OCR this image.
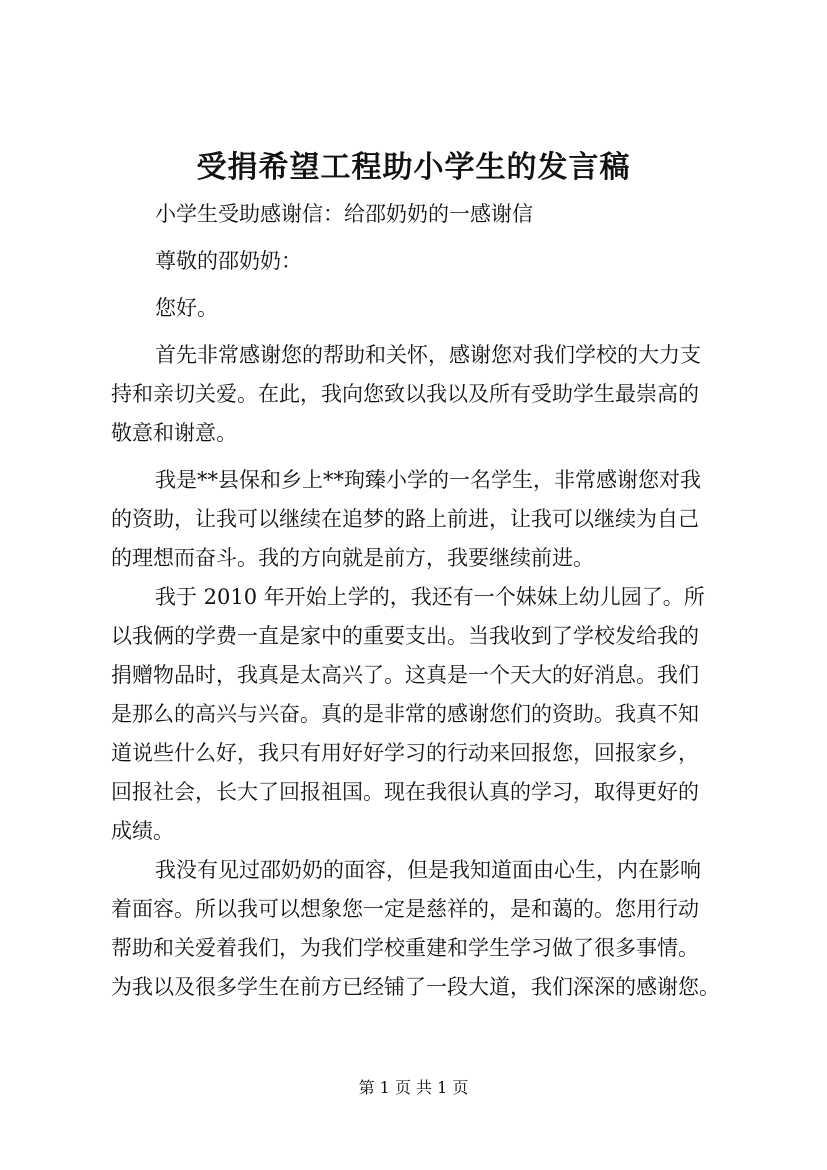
受捐希望工程助小学生的发言稿
小学生受助感谢信：给邵奶奶的一感谢信
尊敬的邵奶奶：
您好。
首先非常感谢您的帮助和关怀，感谢您对我们学校的大力支
持和亲切关爱。在此，我向您致以我以及所有受助学生最崇高的
敬意和谢意。
我是**县保和乡上**珣臻小学的一名学生，非常感谢您对我
的资助，让我可以继续在追梦的路上前进，让我可以继续为自己
的理想而奋斗。我的方向就是前方，我要继续前进。
我于 2010 年开始上学的，我还有一个妹妹上幼儿园了。所
以我俩的学费一直是家中的重要支出。当我收到了学校发给我的
捐赠物品时，我真是太高兴了。这真是一个天大的好消息。我们
是那么的高兴与兴奋。真的是非常的感谢您们的资助。我真不知
道说些什么好，我只有用好好学习的行动来回报您，回报家乡，
回报社会，长大了回报祖国。现在我很认真的学习，取得更好的
成绩。
我没有见过邵奶奶的面容，但是我知道面由心生，内在影响
着面容。所以我可以想象您一定是慈祥的，是和蔼的。您用行动
帮助和关爱着我们，为我们学校重建和学生学习做了很多事情。
为我以及很多学生在前方已经铺了一段大道，我们深深的感谢您。
第 1 页 共 1 页
